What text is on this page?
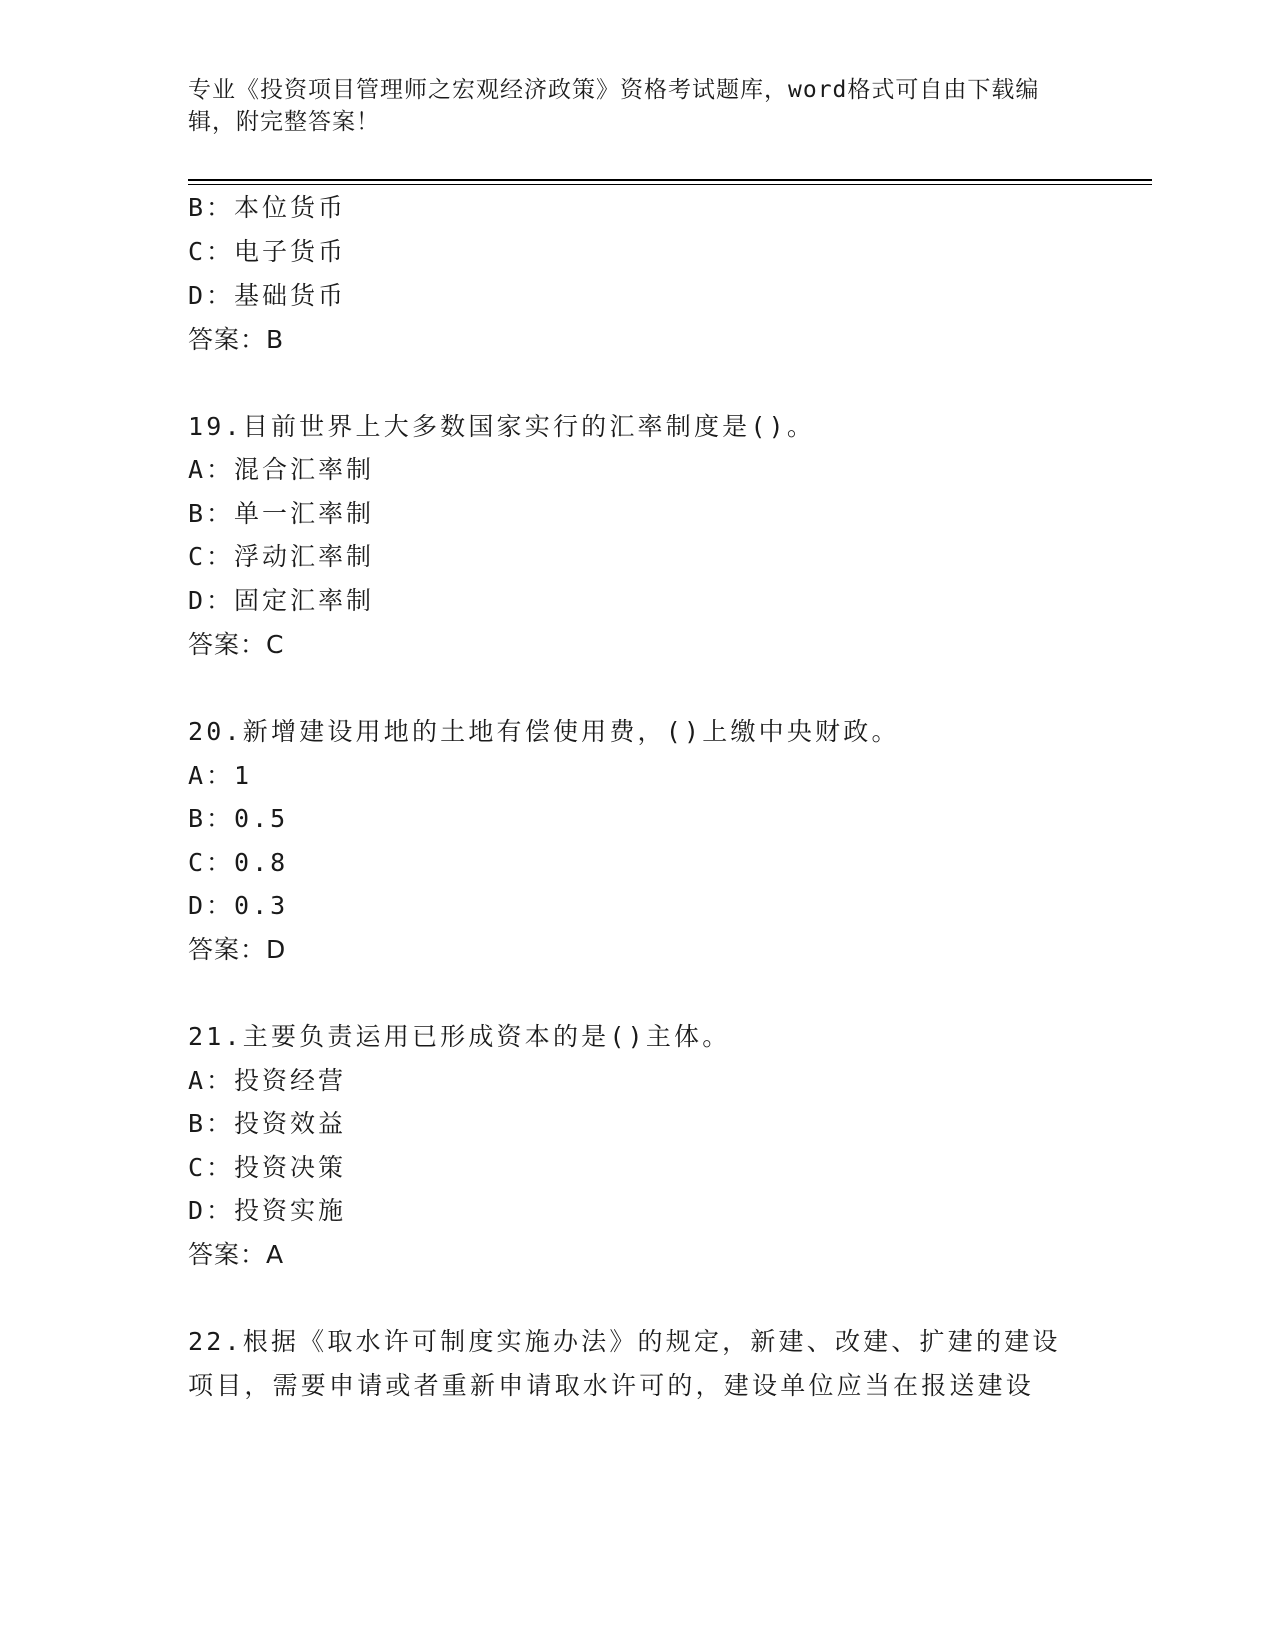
专业《投资项目管理师之宏观经济政策》资格考试题库，word格式可自由下载编
辑，附完整答案！
B：本位货币
C：电子货币
D：基础货币
答案：B
19.目前世界上大多数国家实行的汇率制度是()。
A：混合汇率制
B：单一汇率制
C：浮动汇率制
D：固定汇率制
答案：C
20.新增建设用地的土地有偿使用费，()上缴中央财政。
A：1
B：0.5
C：0.8
D：0.3
答案：D
21.主要负责运用已形成资本的是()主体。
A：投资经营
B：投资效益
C：投资决策
D：投资实施
答案：A
22.根据《取水许可制度实施办法》的规定，新建、改建、扩建的建设
项目，需要申请或者重新申请取水许可的，建设单位应当在报送建设
